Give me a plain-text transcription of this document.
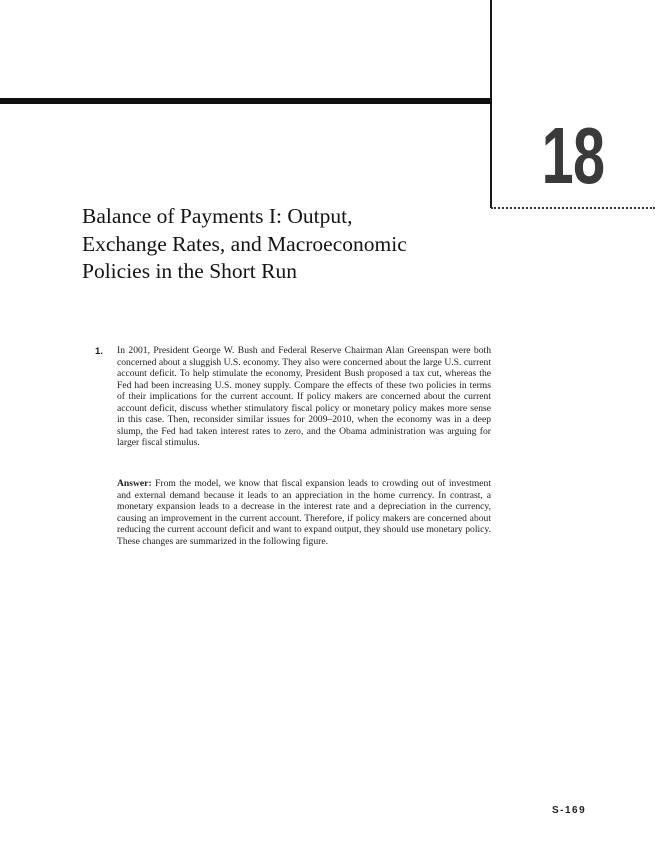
18
Balance of Payments I: Output,
Exchange Rates, and Macroeconomic
Policies in the Short Run
1. In 2001, President George W. Bush and Federal Reserve Chairman Alan Greenspan were both concerned about a sluggish U.S. economy. They also were concerned about the large U.S. current account deficit. To help stimulate the economy, President Bush proposed a tax cut, whereas the Fed had been increasing U.S. money supply. Compare the effects of these two policies in terms of their implications for the current account. If policy makers are concerned about the current account deficit, discuss whether stimulatory fiscal policy or monetary policy makes more sense in this case. Then, reconsider similar issues for 2009–2010, when the economy was in a deep slump, the Fed had taken interest rates to zero, and the Obama administration was arguing for larger fiscal stimulus.

Answer: From the model, we know that fiscal expansion leads to crowding out of investment and external demand because it leads to an appreciation in the home currency. In contrast, a monetary expansion leads to a decrease in the interest rate and a depreciation in the currency, causing an improvement in the current account. Therefore, if policy makers are concerned about reducing the current account deficit and want to expand output, they should use monetary policy. These changes are summarized in the following figure.

S-169
